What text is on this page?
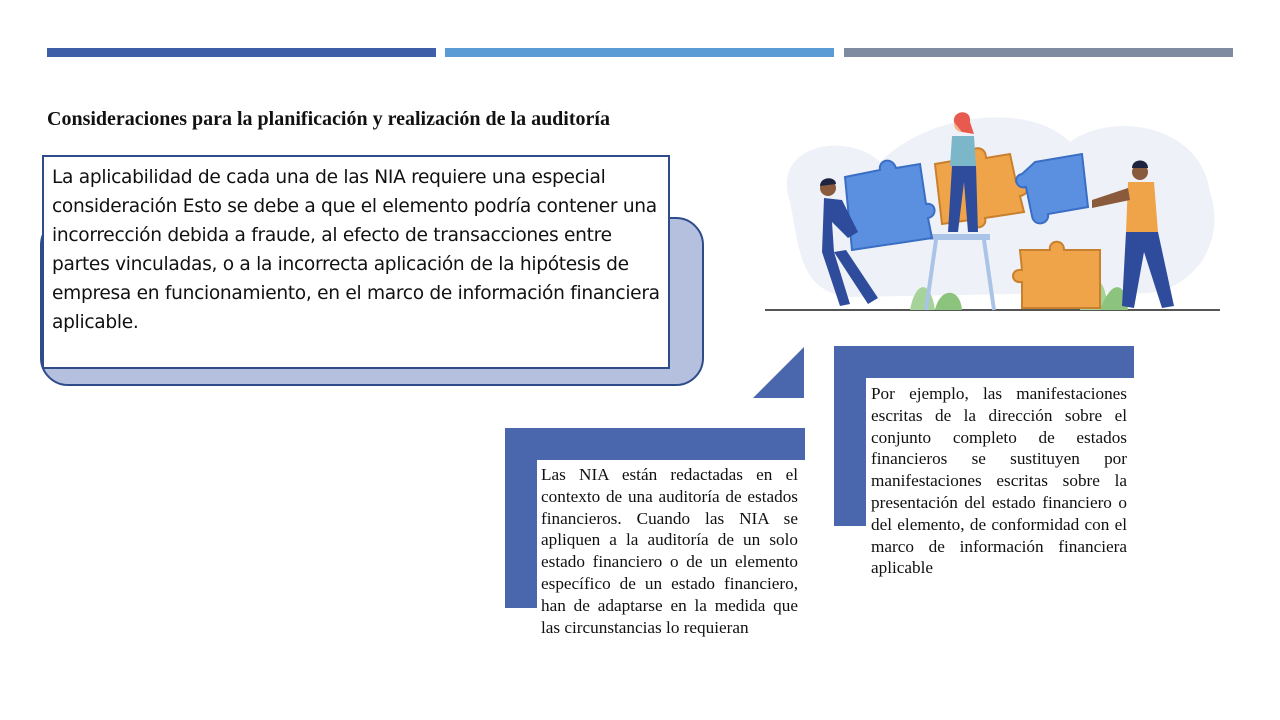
Consideraciones para la planificación y realización de la auditoría
La aplicabilidad de cada una de las NIA requiere una especial consideración Esto se debe a que el elemento podría contener una incorrección debida a fraude, al efecto de transacciones entre partes vinculadas, o a la incorrecta aplicación de la hipótesis de empresa en funcionamiento, en el marco de información financiera aplicable.
Las NIA están redactadas en el contexto de una auditoría de estados financieros. Cuando las NIA se apliquen a la auditoría de un solo estado financiero o de un elemento específico de un estado financiero, han de adaptarse en la medida que las circunstancias lo requieran
Por ejemplo, las manifestaciones escritas de la dirección sobre el conjunto completo de estados financieros se sustituyen por manifestaciones escritas sobre la presentación del estado financiero o del elemento, de conformidad con el marco de información financiera aplicable
